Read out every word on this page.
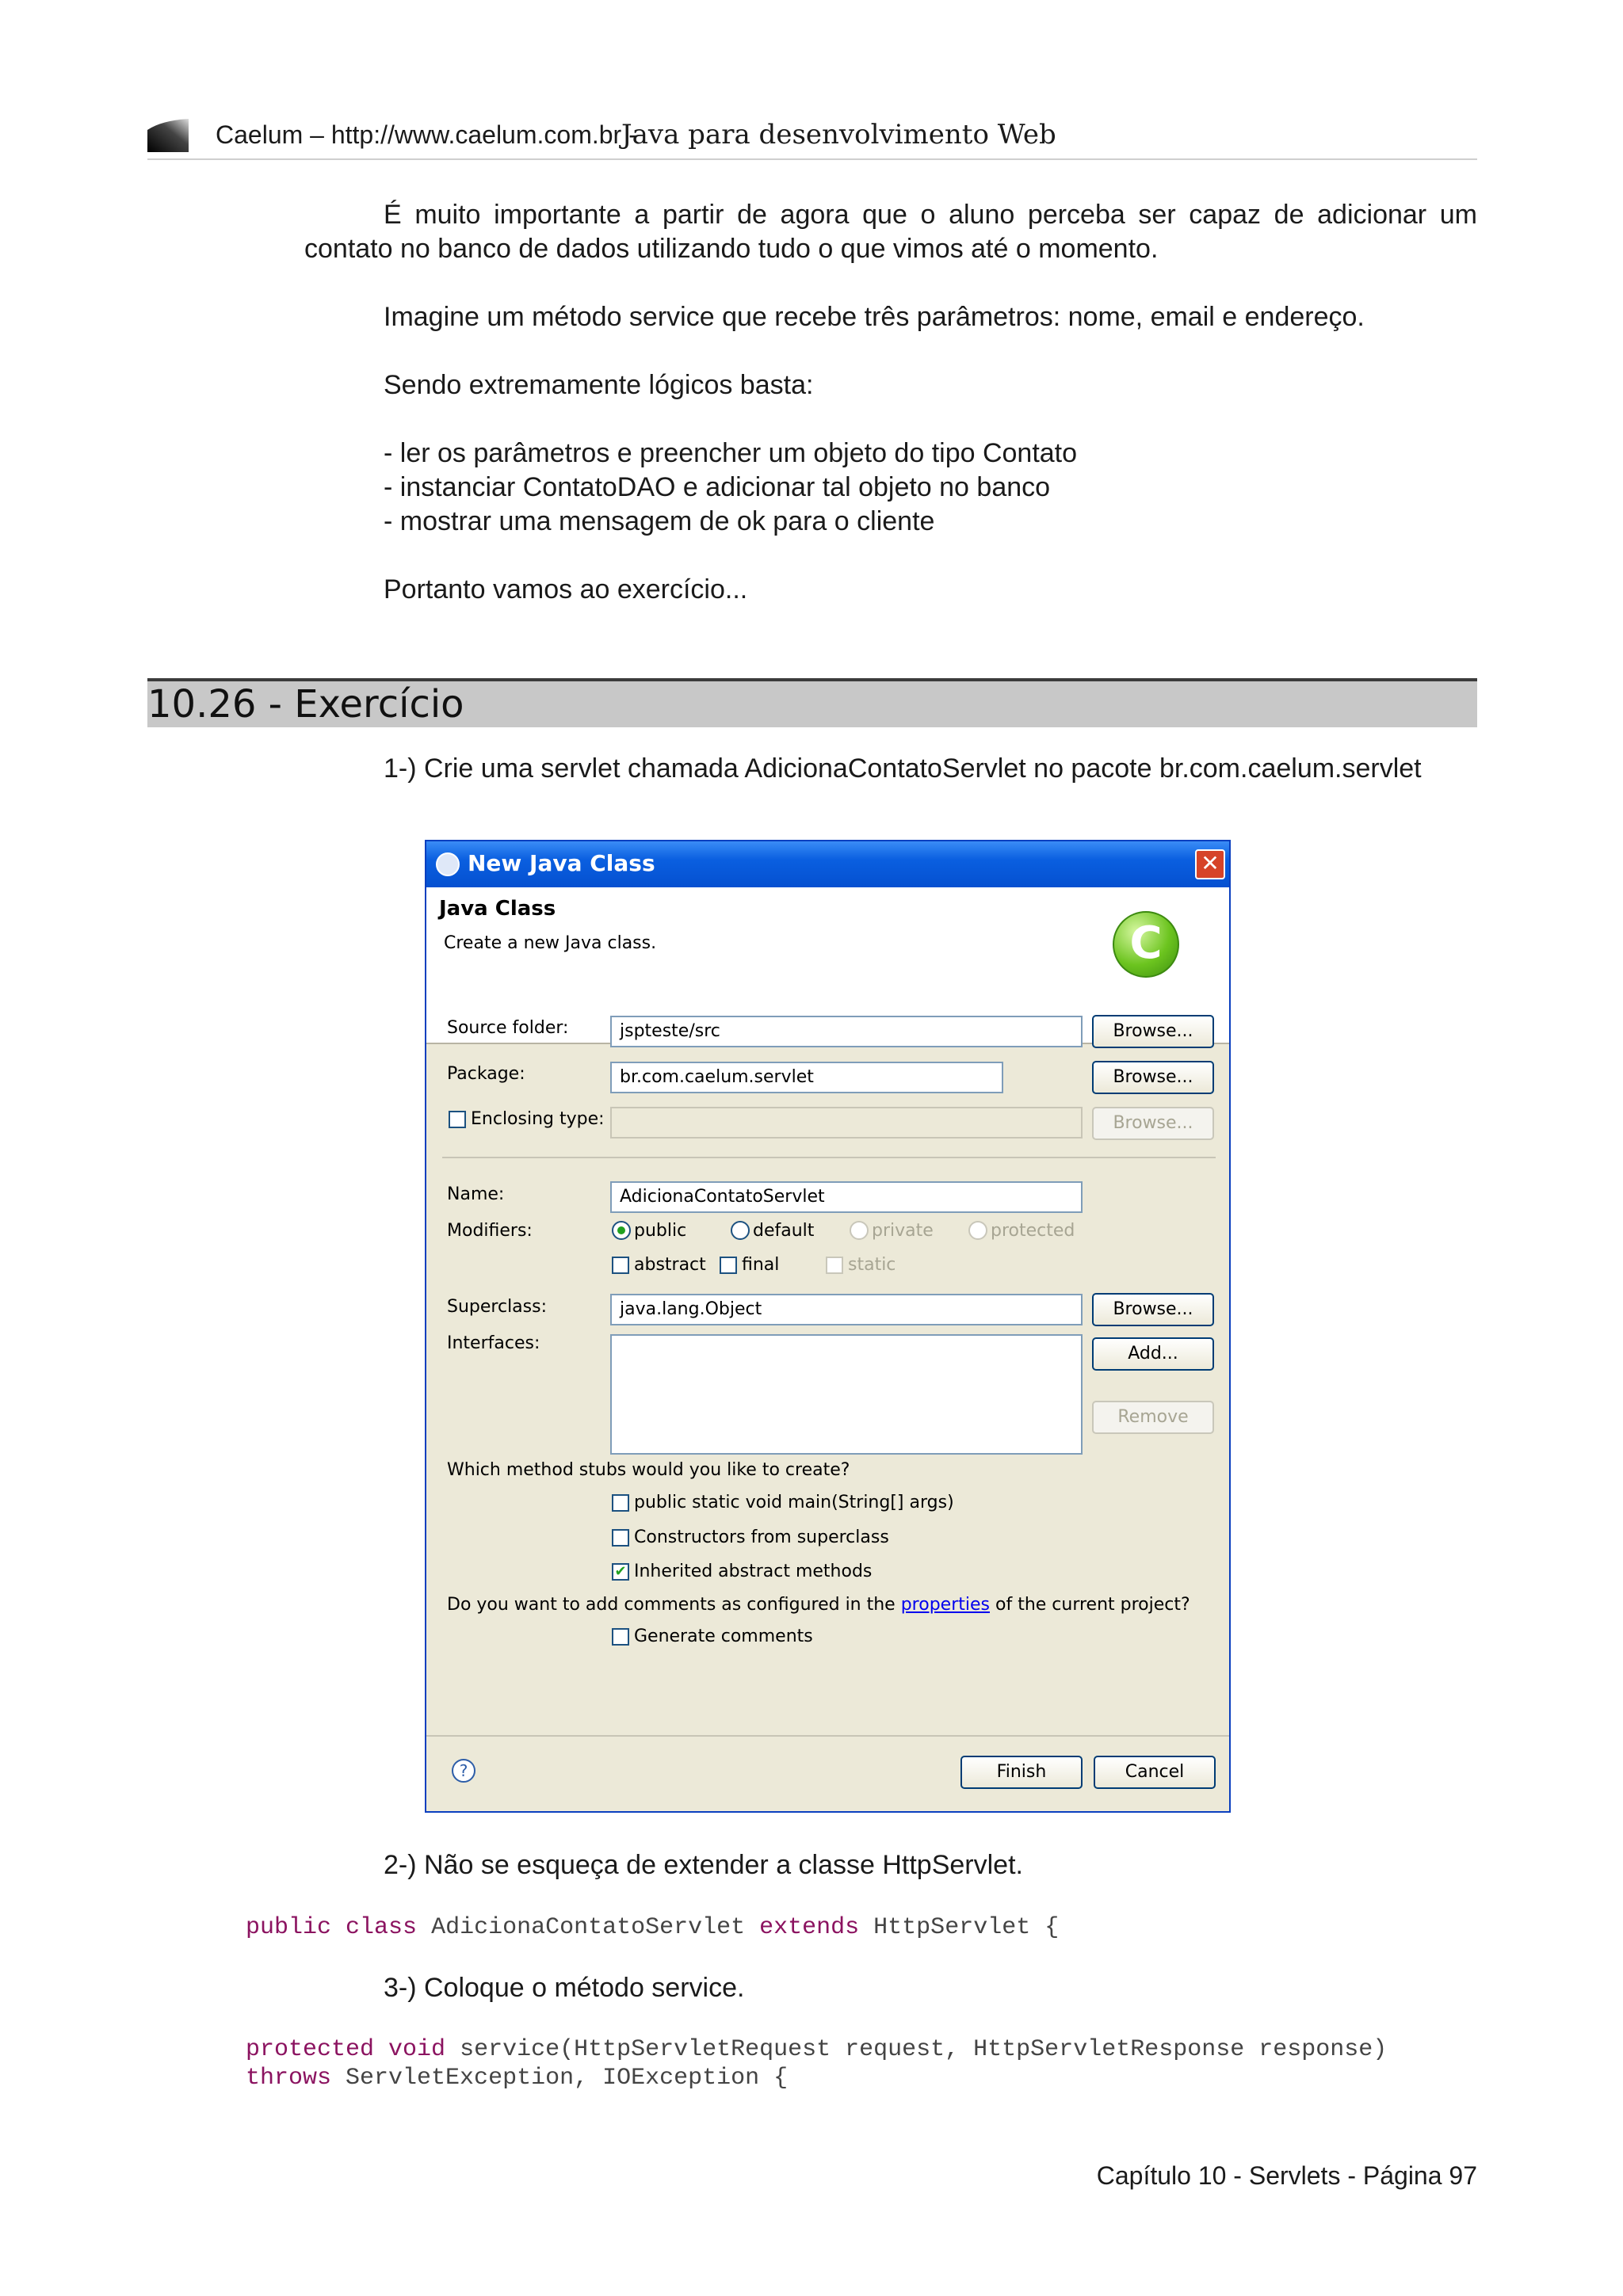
Caelum – http://www.caelum.com.br -
Java para desenvolvimento Web
É muito importante a partir de agora que o aluno perceba ser capaz de adicionar um
contato no banco de dados utilizando tudo o que vimos até o momento.
Imagine um método service que recebe três parâmetros: nome, email e endereço.
Sendo extremamente lógicos basta:
- ler os parâmetros e preencher um objeto do tipo Contato
- instanciar ContatoDAO e adicionar tal objeto no banco
- mostrar uma mensagem de ok para o cliente
Portanto vamos ao exercício...
10.26 - Exercício
1-) Crie uma servlet chamada AdicionaContatoServlet no pacote br.com.caelum.servlet
New Java Class	✕
Java Class
Create a new Java class.	C
Source folder:	jspteste/src	Browse...
Package:	br.com.caelum.servlet	Browse...
Enclosing type:	Browse...
Name:	AdicionaContatoServlet
Modifiers:	public	default	private	protected
abstract final	static
Superclass:	java.lang.Object	Browse...
Interfaces:
Add...
Remove
Which method stubs would you like to create?
public static void main(String[] args)
Constructors from superclass
✔
Inherited abstract methods
Do you want to add comments as configured in the properties of the current project?
Generate comments
?	Finish	Cancel
2-) Não se esqueça de extender a classe HttpServlet.
public class AdicionaContatoServlet extends HttpServlet {
3-) Coloque o método service.
protected void service(HttpServletRequest request, HttpServletResponse response)
throws ServletException, IOException {
Capítulo 10 - Servlets - Página 97
